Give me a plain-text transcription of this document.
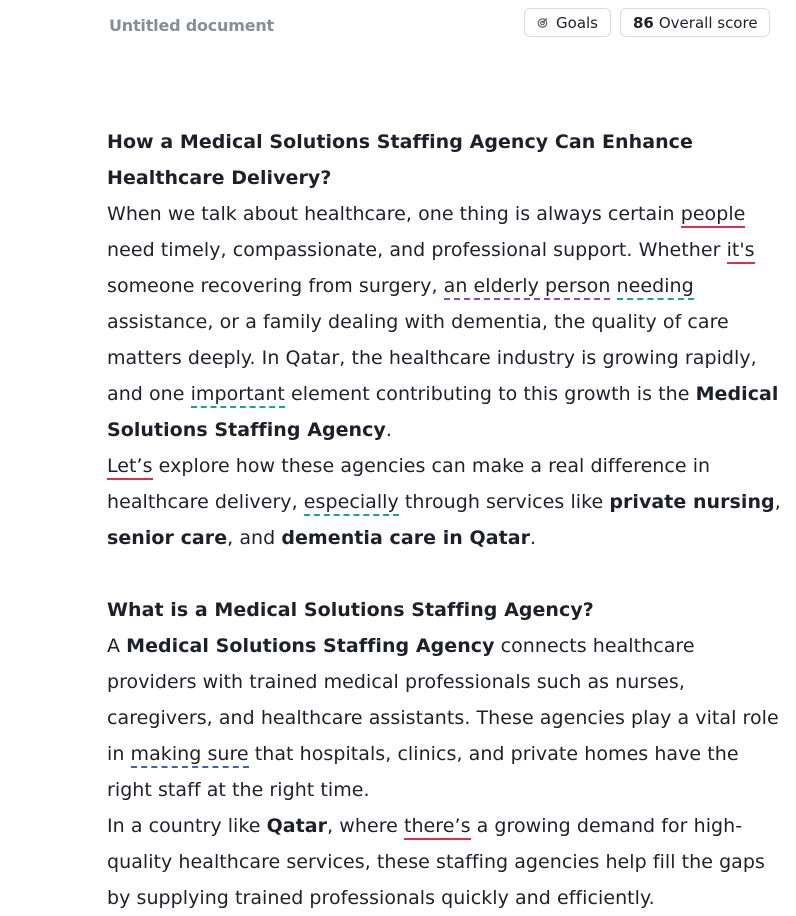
Untitled document	Goals 86 Overall score
How a Medical Solutions Staffing Agency Can Enhance Healthcare Delivery?

When we talk about healthcare, one thing is always certain people need timely, compassionate, and professional support. Whether it's someone recovering from surgery, an elderly person needing assistance, or a family dealing with dementia, the quality of care matters deeply. In Qatar, the healthcare industry is growing rapidly, and one important element contributing to this growth is the Medical Solutions Staffing Agency.

Let’s explore how these agencies can make a real difference in healthcare delivery, especially through services like private nursing, senior care, and dementia care in Qatar.

What is a Medical Solutions Staffing Agency?

A Medical Solutions Staffing Agency connects healthcare providers with trained medical professionals such as nurses, caregivers, and healthcare assistants. These agencies play a vital role in making sure that hospitals, clinics, and private homes have the right staff at the right time.

In a country like Qatar, where there’s a growing demand for high-quality healthcare services, these staffing agencies help fill the gaps by supplying trained professionals quickly and efficiently.
